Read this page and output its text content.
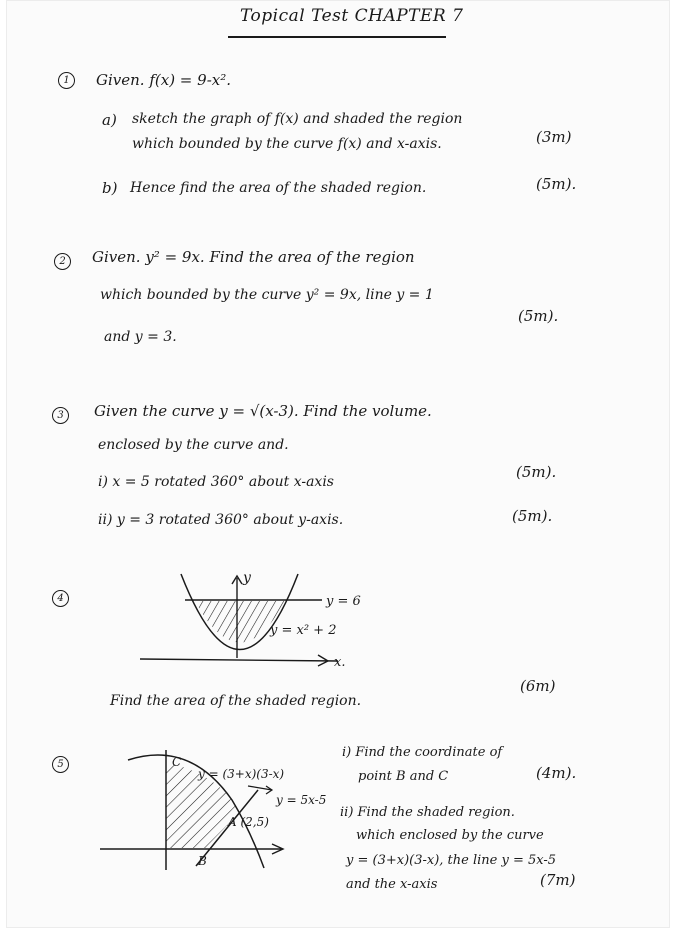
Topical Test CHAPTER 7
1	Given. f(x) = 9-x².
a) sketch the graph of f(x) and shaded the region
which bounded by the curve f(x) and x-axis.	(3m)
b) Hence find the area of the shaded region.	(5m).
2	Given. y² = 9x. Find the area of the region
which bounded by the curve y² = 9x, line y = 1
and y = 3.
(5m).
3	Given the curve y = √(x-3). Find the volume.
enclosed by the curve and.
i) x = 5 rotated 360° about x-axis
(5m).
ii) y = 3 rotated 360° about y-axis.	(5m).
4
y
x.
y = 6
y = x² + 2
C
B
A (2,5)
y = (3+x)(3-x)
y = 5x-5
Find the area of the shaded region.
(6m)
5
i) Find the coordinate of
point B and C	(4m).
ii) Find the shaded region.
which enclosed by the curve
y = (3+x)(3-x), the line y = 5x-5
and the x-axis	(7m)
